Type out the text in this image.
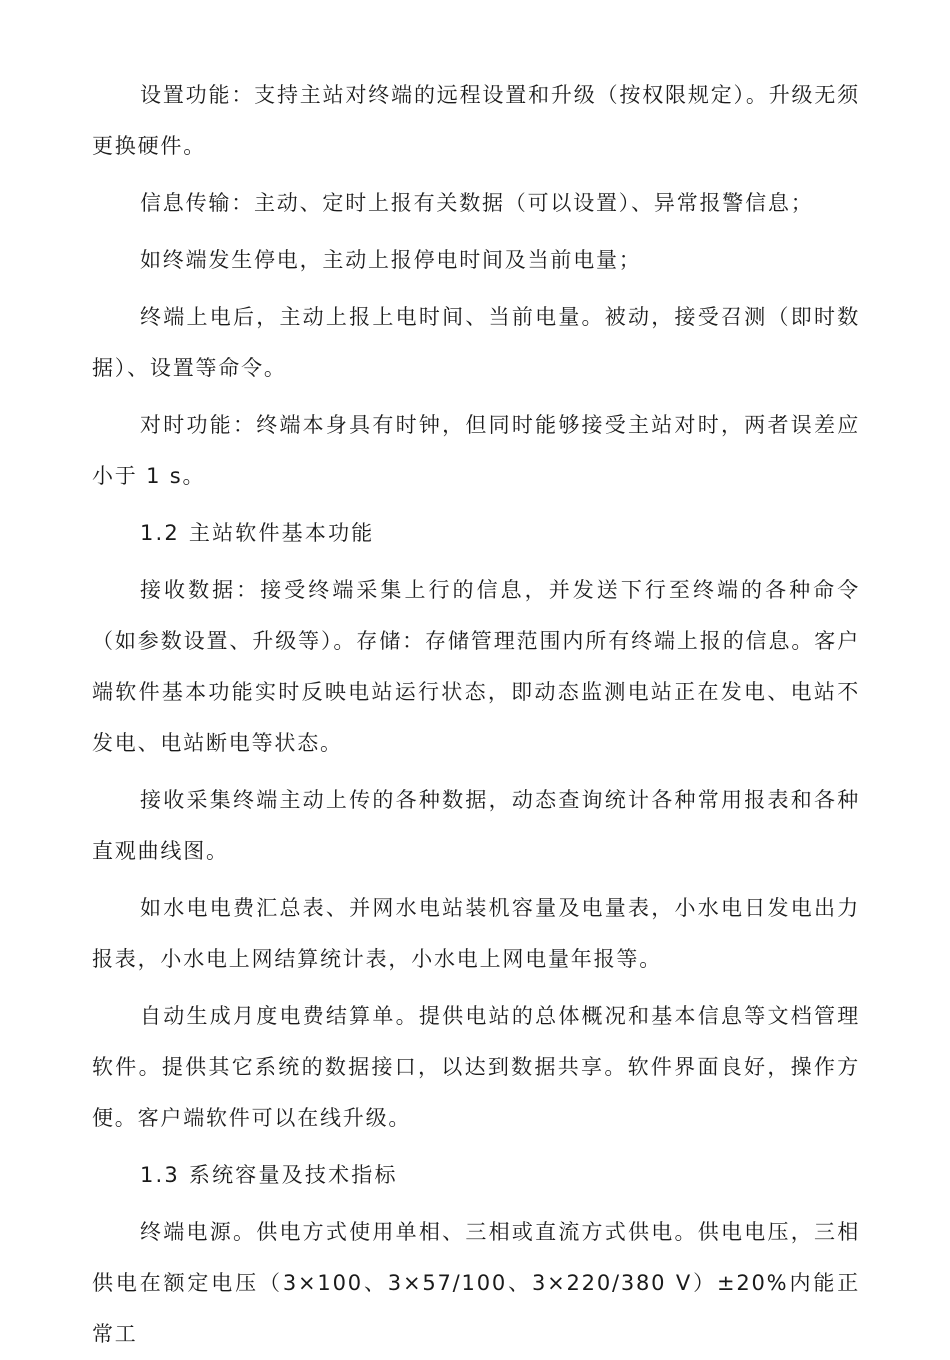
设置功能：支持主站对终端的远程设置和升级（按权限规定）。升级无须更换硬件。

信息传输：主动、定时上报有关数据（可以设置）、异常报警信息；

如终端发生停电，主动上报停电时间及当前电量；

终端上电后，主动上报上电时间、当前电量。被动，接受召测（即时数据）、设置等命令。

对时功能：终端本身具有时钟，但同时能够接受主站对时，两者误差应小于 1 s。

1.2 主站软件基本功能

接收数据：接受终端采集上行的信息，并发送下行至终端的各种命令（如参数设置、升级等）。存储：存储管理范围内所有终端上报的信息。客户端软件基本功能实时反映电站运行状态，即动态监测电站正在发电、电站不发电、电站断电等状态。

接收采集终端主动上传的各种数据，动态查询统计各种常用报表和各种直观曲线图。

如水电电费汇总表、并网水电站装机容量及电量表，小水电日发电出力报表，小水电上网结算统计表，小水电上网电量年报等。

自动生成月度电费结算单。提供电站的总体概况和基本信息等文档管理软件。提供其它系统的数据接口，以达到数据共享。软件界面良好，操作方便。客户端软件可以在线升级。

1.3 系统容量及技术指标

终端电源。供电方式使用单相、三相或直流方式供电。供电电压，三相供电在额定电压（3×100、3×57/100、3×220/380 V）±20%内能正常工
